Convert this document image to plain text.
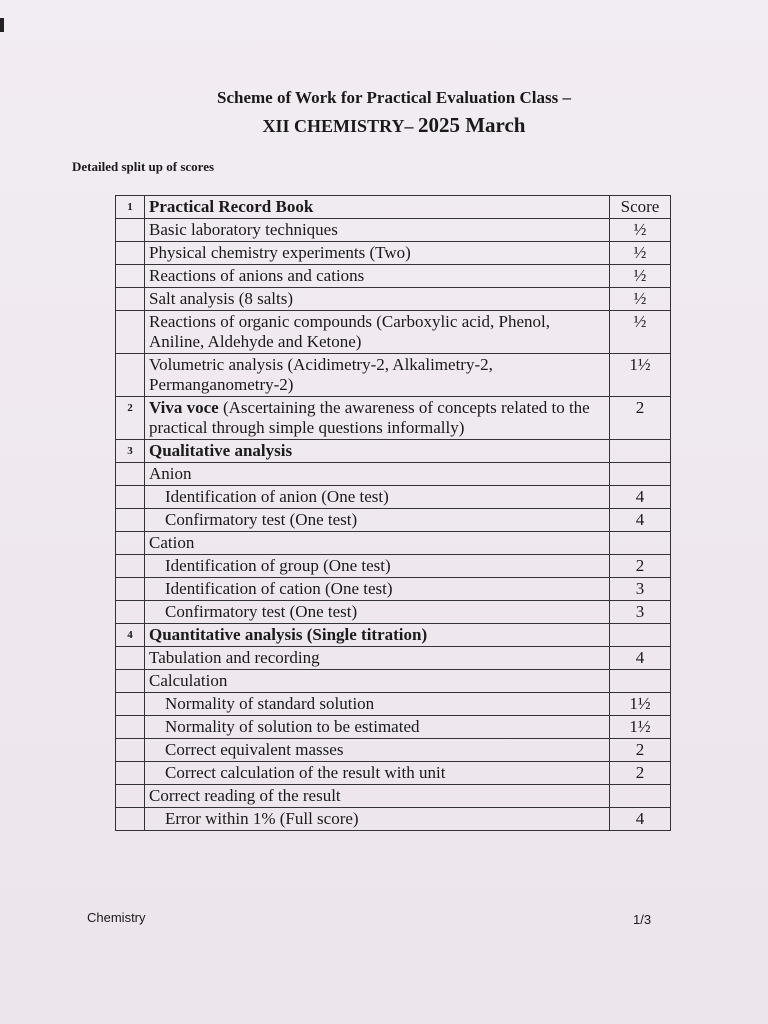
Scheme of Work for Practical Evaluation Class –
XII CHEMISTRY– 2025 March
Detailed split up of scores
1	Practical Record Book	Score
	Basic laboratory techniques	½
	Physical chemistry experiments (Two)	½
	Reactions of anions and cations	½
	Salt analysis (8 salts)	½
	Reactions of organic compounds (Carboxylic acid, Phenol, Aniline, Aldehyde and Ketone)	½
	Volumetric analysis (Acidimetry-2, Alkalimetry-2, Permanganometry-2)	1½
2	Viva voce (Ascertaining the awareness of concepts related to the practical through simple questions informally)	2
3	Qualitative analysis	
	Anion	
	Identification of anion (One test)	4
	Confirmatory test (One test)	4
	Cation	
	Identification of group (One test)	2
	Identification of cation (One test)	3
	Confirmatory test (One test)	3
4	Quantitative analysis (Single titration)	
	Tabulation and recording	4
	Calculation	
	Normality of standard solution	1½
	Normality of solution to be estimated	1½
	Correct equivalent masses	2
	Correct calculation of the result with unit	2
	Correct reading of the result	
	Error within 1% (Full score)	4
Chemistry	1/3
